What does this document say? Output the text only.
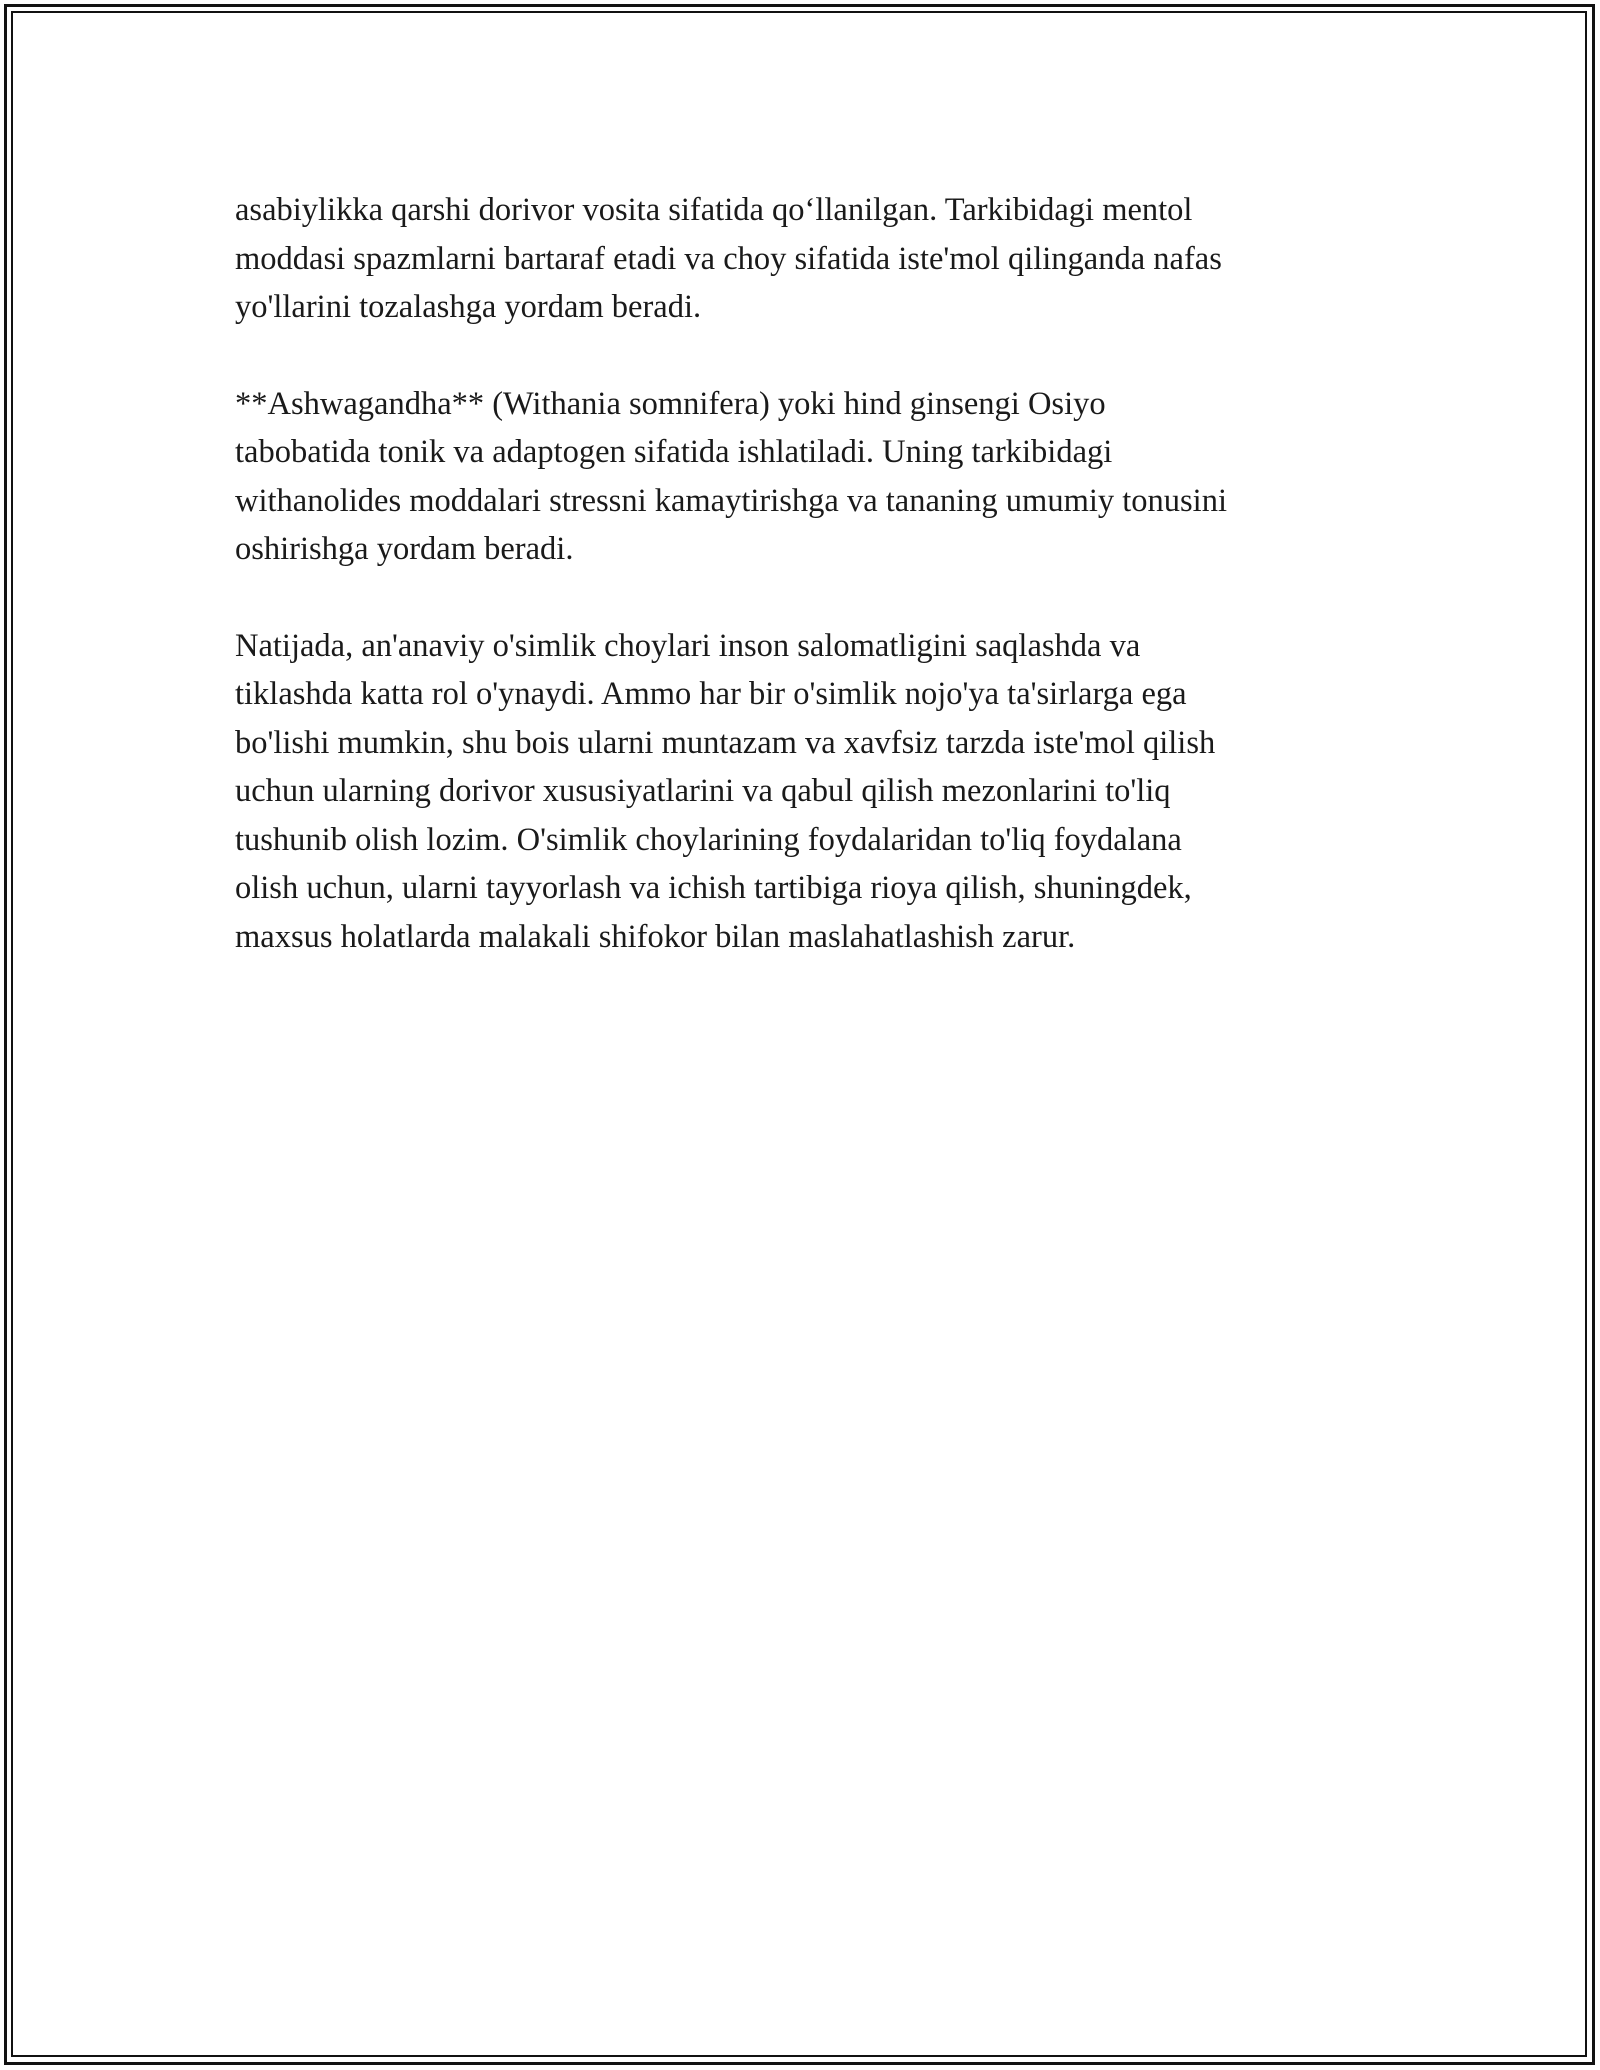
asabiylikka qarshi dorivor vosita sifatida qo‘llanilgan. Tarkibidagi mentol
moddasi spazmlarni bartaraf etadi va choy sifatida iste'mol qilinganda nafas
yo'llarini tozalashga yordam beradi.

**Ashwagandha** (Withania somnifera) yoki hind ginsengi Osiyo
tabobatida tonik va adaptogen sifatida ishlatiladi. Uning tarkibidagi
withanolides moddalari stressni kamaytirishga va tananing umumiy tonusini
oshirishga yordam beradi.

Natijada, an'anaviy o'simlik choylari inson salomatligini saqlashda va
tiklashda katta rol o'ynaydi. Ammo har bir o'simlik nojo'ya ta'sirlarga ega
bo'lishi mumkin, shu bois ularni muntazam va xavfsiz tarzda iste'mol qilish
uchun ularning dorivor xususiyatlarini va qabul qilish mezonlarini to'liq
tushunib olish lozim. O'simlik choylarining foydalaridan to'liq foydalana
olish uchun, ularni tayyorlash va ichish tartibiga rioya qilish, shuningdek,
maxsus holatlarda malakali shifokor bilan maslahatlashish zarur.
